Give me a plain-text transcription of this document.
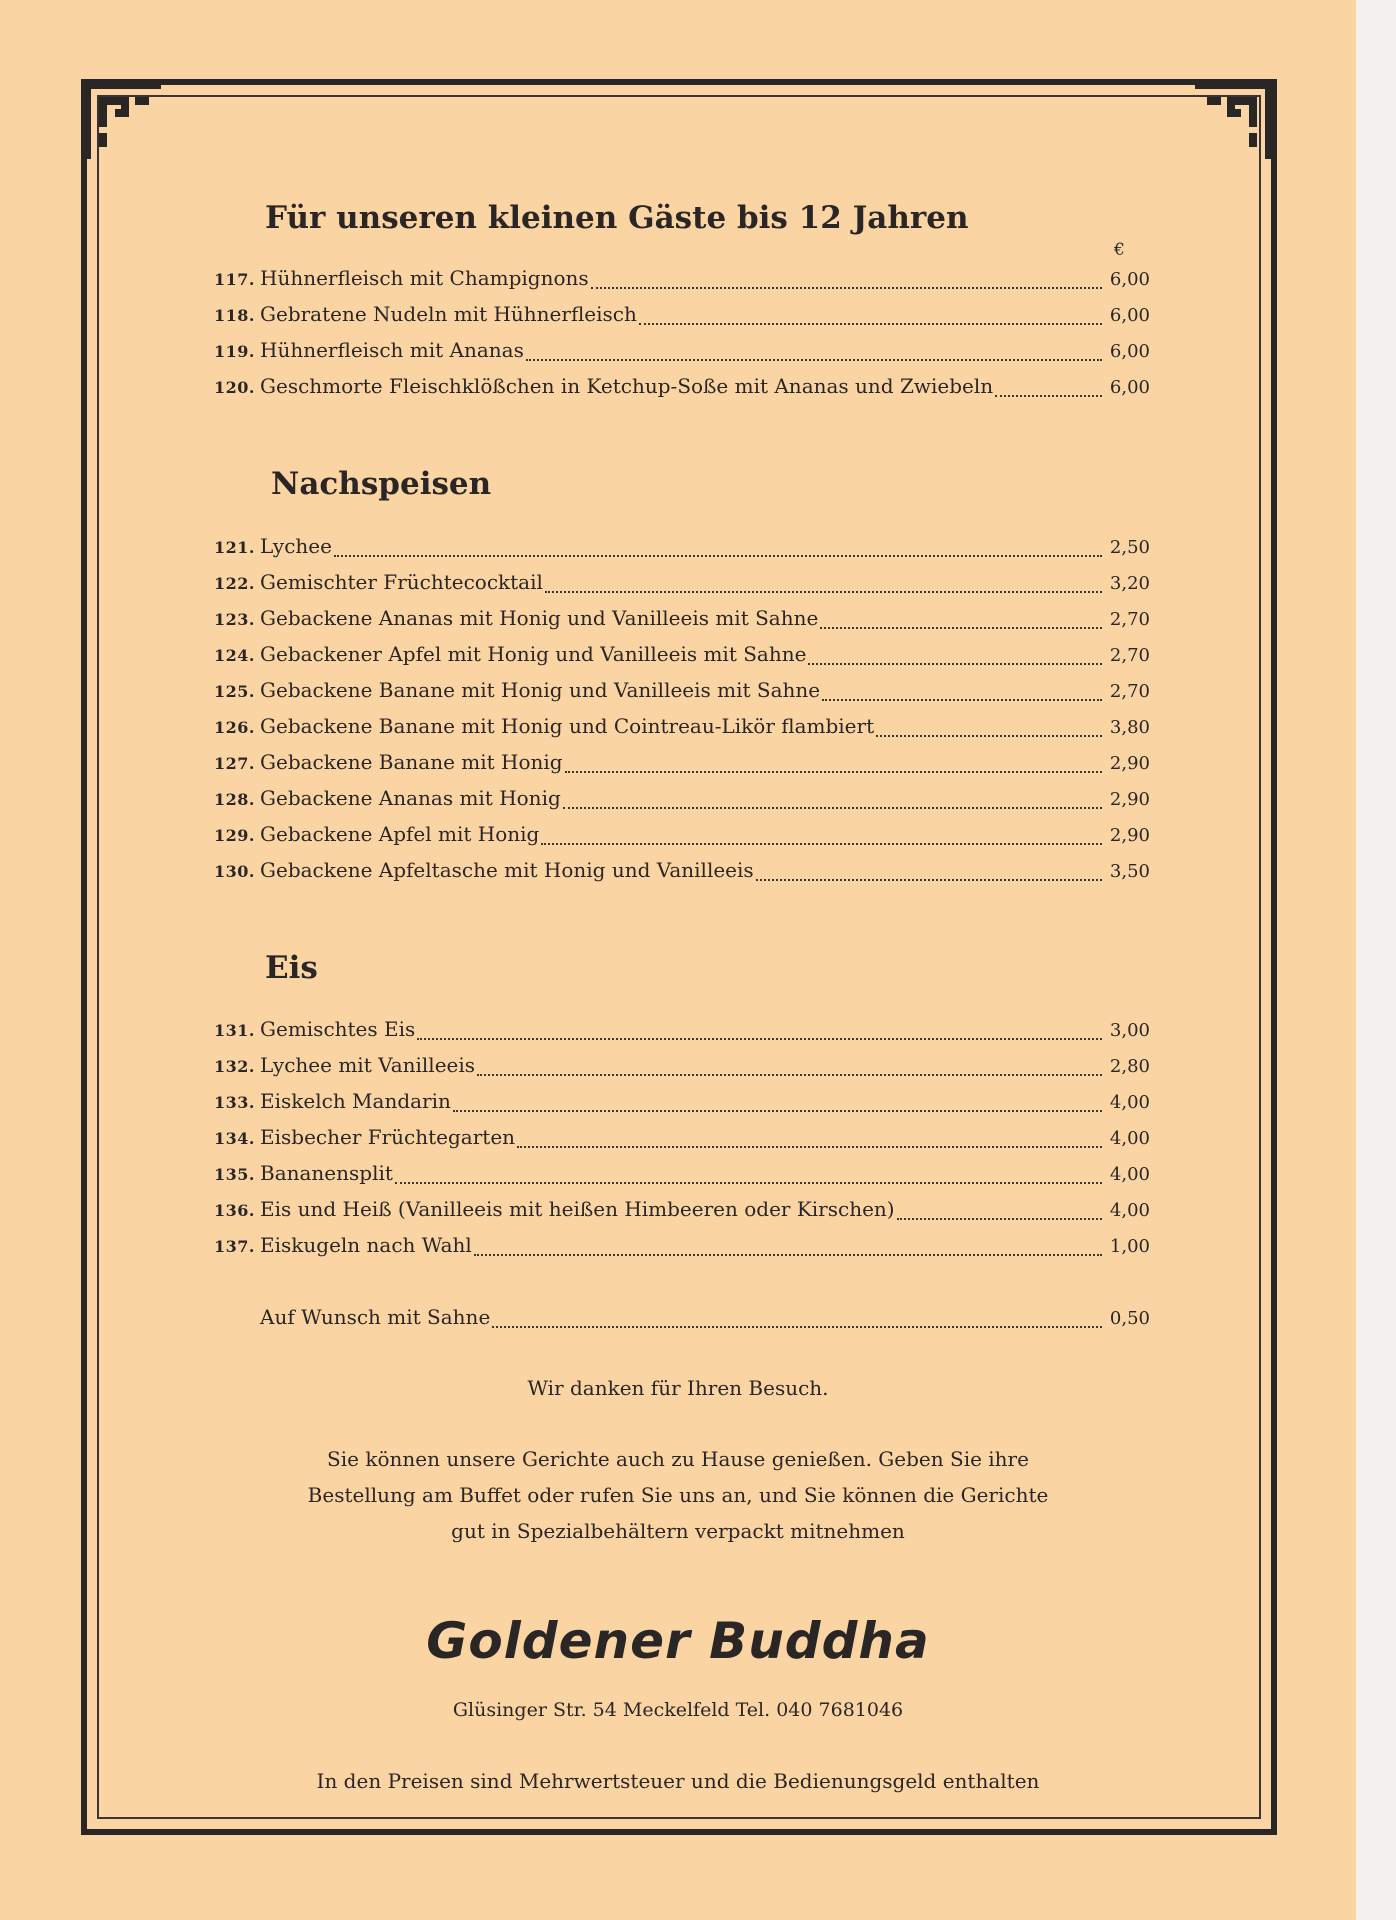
Für unseren kleinen Gäste bis 12 Jahren
€
117. Hühnerfleisch mit Champignons	6,00
118. Gebratene Nudeln mit Hühnerfleisch	6,00
119. Hühnerfleisch mit Ananas	6,00
120. Geschmorte Fleischklößchen in Ketchup-Soße mit Ananas und Zwiebeln	6,00
Nachspeisen
121. Lychee	2,50
122. Gemischter Früchtecocktail	3,20
123. Gebackene Ananas mit Honig und Vanilleeis mit Sahne	2,70
124. Gebackener Apfel mit Honig und Vanilleeis mit Sahne	2,70
125. Gebackene Banane mit Honig und Vanilleeis mit Sahne	2,70
126. Gebackene Banane mit Honig und Cointreau-Likör flambiert	3,80
127. Gebackene Banane mit Honig	2,90
128. Gebackene Ananas mit Honig	2,90
129. Gebackene Apfel mit Honig	2,90
130. Gebackene Apfeltasche mit Honig und Vanilleeis	3,50
Eis
131. Gemischtes Eis	3,00
132. Lychee mit Vanilleeis	2,80
133. Eiskelch Mandarin	4,00
134. Eisbecher Früchtegarten	4,00
135. Bananensplit	4,00
136. Eis und Heiß (Vanilleeis mit heißen Himbeeren oder Kirschen)	4,00
137. Eiskugeln nach Wahl	1,00
Auf Wunsch mit Sahne	0,50
Wir danken für Ihren Besuch.
Sie können unsere Gerichte auch zu Hause genießen. Geben Sie ihre
Bestellung am Buffet oder rufen Sie uns an, und Sie können die Gerichte
gut in Spezialbehältern verpackt mitnehmen
Goldener Buddha
Glüsinger Str. 54 Meckelfeld Tel. 040 7681046
In den Preisen sind Mehrwertsteuer und die Bedienungsgeld enthalten
